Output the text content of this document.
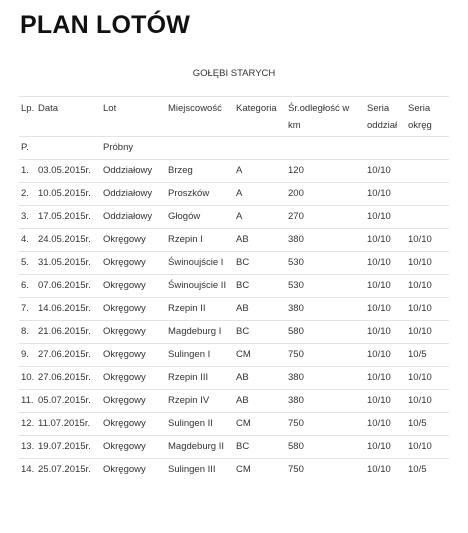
PLAN LOTÓW
GOŁĘBI STARYCH
Lp.	Data	Lot	Miejscowość	Kategoria	Śr.odległość w km	Seria oddział	Seria okręg
P.		Próbny					
1.	03.05.2015r.	Oddziałowy	Brzeg	A	120	10/10	
2.	10.05.2015r.	Oddziałowy	Proszków	A	200	10/10	
3.	17.05.2015r.	Oddziałowy	Głogów	A	270	10/10	
4.	24.05.2015r.	Okręgowy	Rzepin I	AB	380	10/10	10/10
5.	31.05.2015r.	Okręgowy	Świnoujście I	BC	530	10/10	10/10
6.	07.06.2015r.	Okręgowy	Świnoujście II	BC	530	10/10	10/10
7.	14.06.2015r.	Okręgowy	Rzepin II	AB	380	10/10	10/10
8.	21.06.2015r.	Okręgowy	Magdeburg I	BC	580	10/10	10/10
9.	27.06.2015r.	Okręgowy	Sulingen I	CM	750	10/10	10/5
10.	27.06.2015r.	Okręgowy	Rzepin III	AB	380	10/10	10/10
11.	05.07.2015r.	Okręgowy	Rzepin IV	AB	380	10/10	10/10
12.	11.07.2015r.	Okręgowy	Sulingen II	CM	750	10/10	10/5
13.	19.07.2015r.	Okręgowy	Magdeburg II	BC	580	10/10	10/10
14.	25.07.2015r.	Okręgowy	Sulingen III	CM	750	10/10	10/5
